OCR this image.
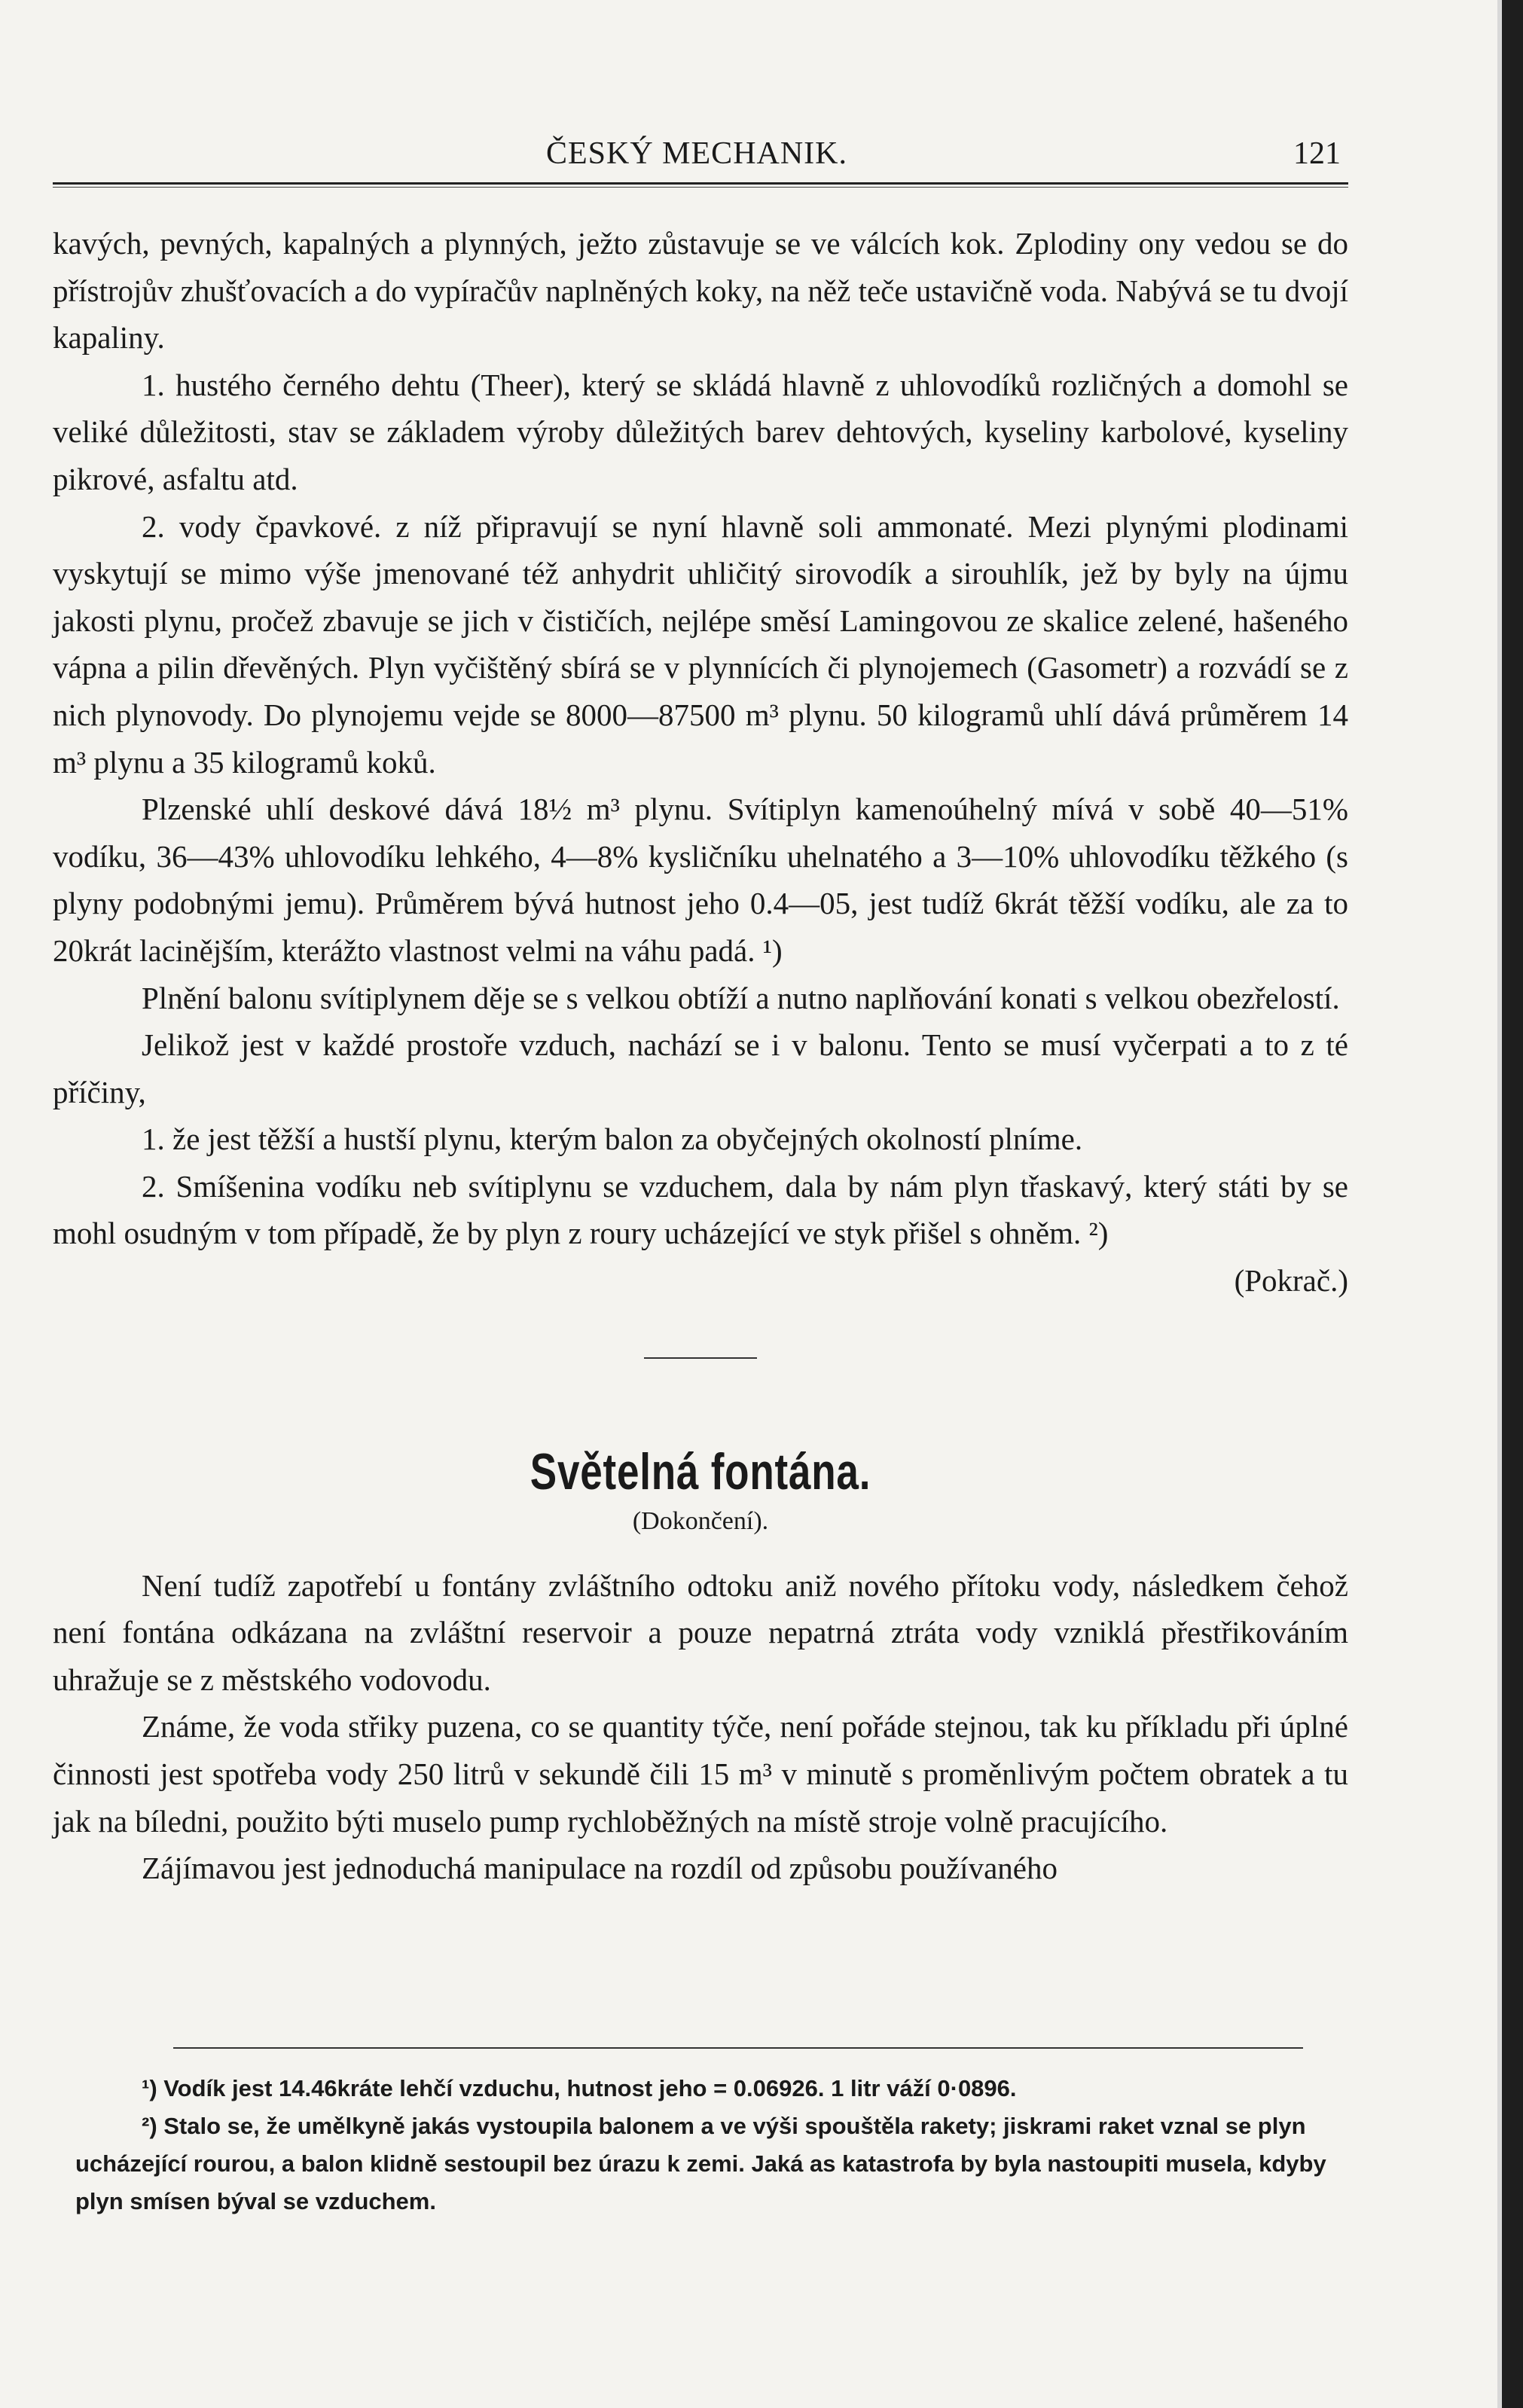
ČESKÝ MECHANIK.	121

kavých, pevných, kapalných a plynných, ježto zůstavuje se ve válcích kok. Zplodiny ony vedou se do přístrojův zhušťovacích a do vypíračův naplněných koky, na něž teče ustavičně voda. Nabývá se tu dvojí kapaliny.

1. hustého černého dehtu (Theer), který se skládá hlavně z uhlovodíků rozličných a domohl se veliké důležitosti, stav se základem výroby důležitých barev dehtových, kyseliny karbolové, kyseliny pikrové, asfaltu atd.

2. vody čpavkové. z níž připravují se nyní hlavně soli ammonaté. Mezi plynými plodinami vyskytují se mimo výše jmenované též anhydrit uhličitý sirovodík a sirouhlík, jež by byly na újmu jakosti plynu, pročež zbavuje se jich v čističích, nejlépe směsí Lamingovou ze skalice zelené, hašeného vápna a pilin dřevěných. Plyn vyčištěný sbírá se v plynnících či plynojemech (Gasometr) a rozvádí se z nich plynovody. Do plynojemu vejde se 8000—87500 m³ plynu. 50 kilogramů uhlí dává průměrem 14 m³ plynu a 35 kilogramů koků.

Plzenské uhlí deskové dává 18½ m³ plynu. Svítiplyn kamenoúhelný mívá v sobě 40—51% vodíku, 36—43% uhlovodíku lehkého, 4—8% kysličníku uhelnatého a 3—10% uhlovodíku těžkého (s plyny podobnými jemu). Průměrem bývá hutnost jeho 0.4—05, jest tudíž 6krát těžší vodíku, ale za to 20krát lacinějším, kterážto vlastnost velmi na váhu padá. ¹)

Plnění balonu svítiplynem děje se s velkou obtíží a nutno naplňování konati s velkou obezřelostí.

Jelikož jest v každé prostoře vzduch, nachází se i v balonu. Tento se musí vyčerpati a to z té příčiny,

1. že jest těžší a hustší plynu, kterým balon za obyčejných okolností plníme.

2. Smíšenina vodíku neb svítiplynu se vzduchem, dala by nám plyn třaskavý, který státi by se mohl osudným v tom případě, že by plyn z roury ucházející ve styk přišel s ohněm. ²)

(Pokrač.)

Světelná fontána.
(Dokončení).

Není tudíž zapotřebí u fontány zvláštního odtoku aniž nového přítoku vody, následkem čehož není fontána odkázana na zvláštní reservoir a pouze nepatrná ztráta vody vzniklá přestřikováním uhražuje se z městského vodovodu.

Známe, že voda střiky puzena, co se quantity týče, není pořáde stejnou, tak ku příkladu při úplné činnosti jest spotřeba vody 250 litrů v sekundě čili 15 m³ v minutě s proměnlivým počtem obratek a tu jak na bíledni, použito býti muselo pump rychloběžných na místě stroje volně pracujícího.

Zájímavou jest jednoduchá manipulace na rozdíl od způsobu používaného

¹) Vodík jest 14.46kráte lehčí vzduchu, hutnost jeho = 0.06926. 1 litr váží 0·0896.

²) Stalo se, že umělkyně jakás vystoupila balonem a ve výši spouštěla rakety; jiskrami raket vznal se plyn ucházející rourou, a balon klidně sestoupil bez úrazu k zemi. Jaká as katastrofa by byla nastoupiti musela, kdyby plyn smísen býval se vzduchem.
